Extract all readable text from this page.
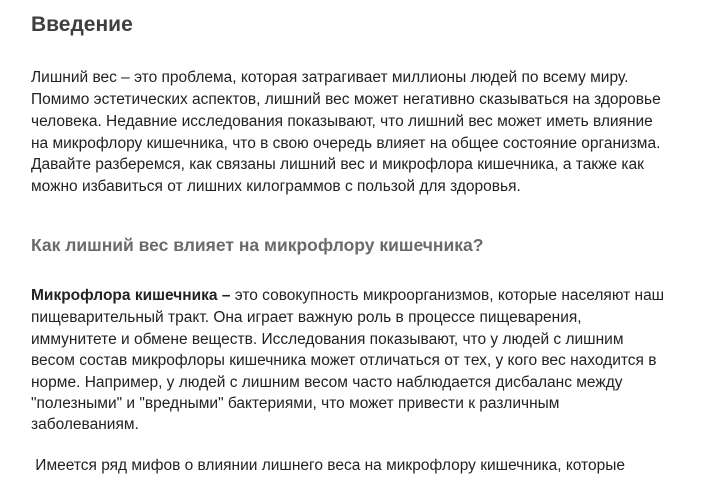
Введение
Лишний вес – это проблема, которая затрагивает миллионы людей по всему миру.
Помимо эстетических аспектов, лишний вес может негативно сказываться на здоровье
человека. Недавние исследования показывают, что лишний вес может иметь влияние
на микрофлору кишечника, что в свою очередь влияет на общее состояние организма.
Давайте разберемся, как связаны лишний вес и микрофлора кишечника, а также как
можно избавиться от лишних килограммов с пользой для здоровья.
Как лишний вес влияет на микрофлору кишечника?
Микрофлора кишечника – это совокупность микроорганизмов, которые населяют наш
пищеварительный тракт. Она играет важную роль в процессе пищеварения,
иммунитете и обмене веществ. Исследования показывают, что у людей с лишним
весом состав микрофлоры кишечника может отличаться от тех, у кого вес находится в
норме. Например, у людей с лишним весом часто наблюдается дисбаланс между
"полезными" и "вредными" бактериями, что может привести к различным
заболеваниям.
Имеется ряд мифов о влиянии лишнего веса на микрофлору кишечника, которые
